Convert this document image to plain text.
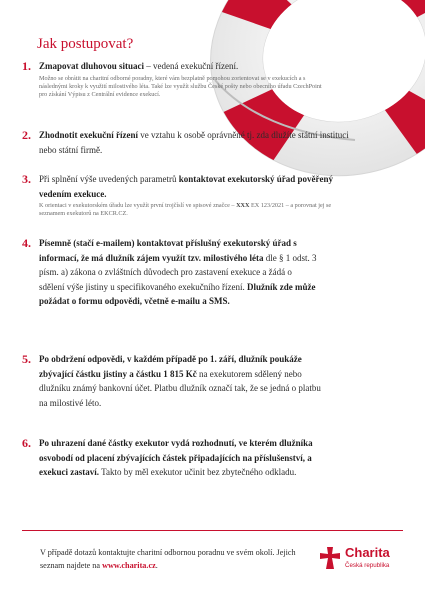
Jak postupovat?
1. Zmapovat dluhovou situaci – vedená exekuční řízení.
Možno se obrátit na charitní odborné poradny, které vám bezplatně pomohou zorientovat se v exekucích a s následnými kroky k využití milostivého léta. Také lze využít službu České pošty nebo obecního úřadu CzechPoint pro získání Výpisu z Centrální evidence exekucí.
2. Zhodnotit exekuční řízení ve vztahu k osobě oprávněné tj. zda dlužíte státní instituci nebo státní firmě.
3. Při splnění výše uvedených parametrů kontaktovat exekutorský úřad pověřený vedením exekuce.
K orientaci v exekutorském úřadu lze využít první trojčíslí ve spisové značce – XXX EX 123/2021 – a porovnat jej se seznamem exekutorů na EKCR.CZ.
4. Písemně (stačí e-mailem) kontaktovat příslušný exekutorský úřad s informací, že má dlužník zájem využít tzv. milostivého léta dle § 1 odst. 3 písm. a) zákona o zvláštních důvodech pro zastavení exekuce a žádá o sdělení výše jistiny u specifikovaného exekučního řízení. Dlužník zde může požádat o formu odpovědi, včetně e-mailu a SMS.
5. Po obdržení odpovědi, v každém případě po 1. září, dlužník poukáže zbývající částku jistiny a částku 1 815 Kč na exekutorem sdělený nebo dlužníku známý bankovní účet. Platbu dlužník označí tak, že se jedná o platbu na milostivé léto.
6. Po uhrazení dané částky exekutor vydá rozhodnutí, ve kterém dlužníka osvobodí od placení zbývajících částek připadajících na příslušenství, a exekuci zastaví. Takto by měl exekutor učinit bez zbytečného odkladu.
V případě dotazů kontaktujte charitní odbornou poradnu ve svém okolí. Jejich seznam najdete na www.charita.cz.
Charita
Česká republika
